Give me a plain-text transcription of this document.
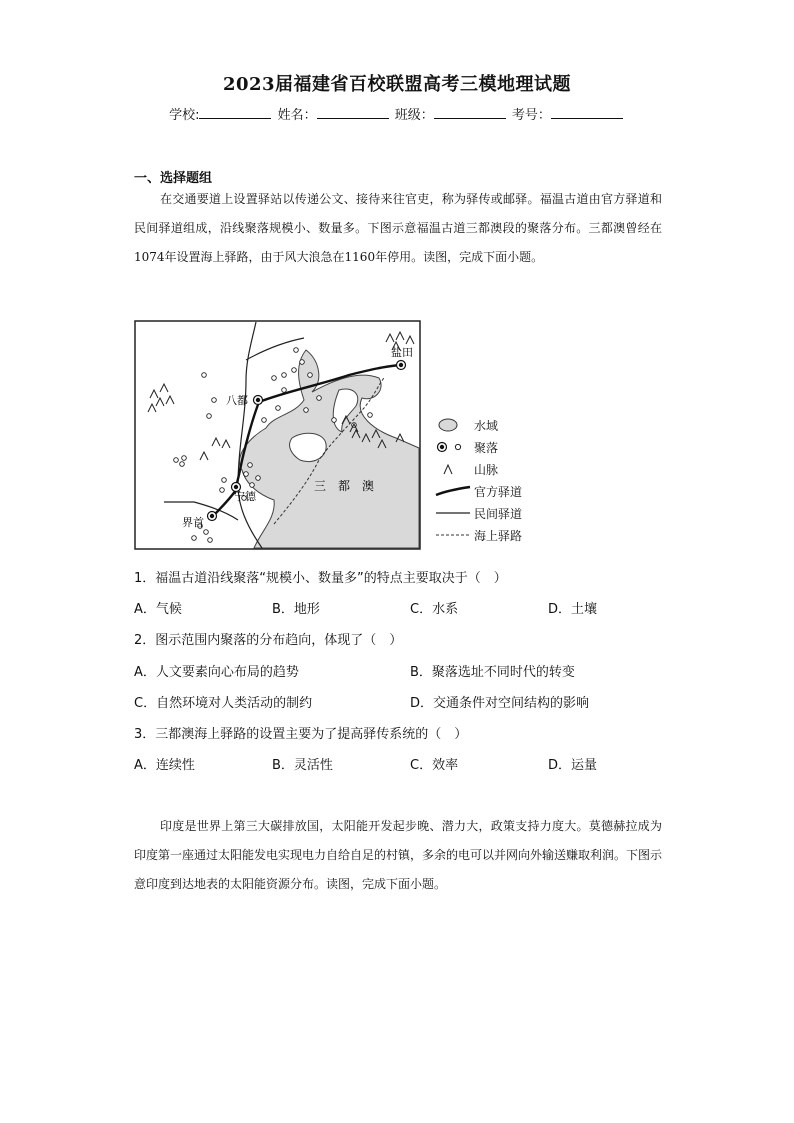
2023届福建省百校联盟高考三模地理试题
学校:	姓名：	班级：	考号：
一、选择题组
在交通要道上设置驿站以传递公文、接待来往官吏，称为驿传或邮驿。福温古道由官方驿道和民间驿道组成，沿线聚落规模小、数量多。下图示意福温古道三都澳段的聚落分布。三都澳曾经在1074年设置海上驿路，由于风大浪急在1160年停用。读图，完成下面小题。
盐田
八都
宁德
界首
三　都　澳
水域
聚落
山脉
官方驿道
民间驿道
海上驿路
1．福温古道沿线聚落“规模小、数量多”的特点主要取决于（　）
A．气候	B．地形	C．水系	D．土壤
2．图示范围内聚落的分布趋向，体现了（　）
A．人文要素向心布局的趋势	B．聚落选址不同时代的转变
C．自然环境对人类活动的制约	D．交通条件对空间结构的影响
3．三都澳海上驿路的设置主要为了提高驿传系统的（　）
A．连续性	B．灵活性	C．效率	D．运量
印度是世界上第三大碳排放国，太阳能开发起步晚、潜力大，政策支持力度大。莫德赫拉成为印度第一座通过太阳能发电实现电力自给自足的村镇，多余的电可以并网向外输送赚取利润。下图示意印度到达地表的太阳能资源分布。读图，完成下面小题。
